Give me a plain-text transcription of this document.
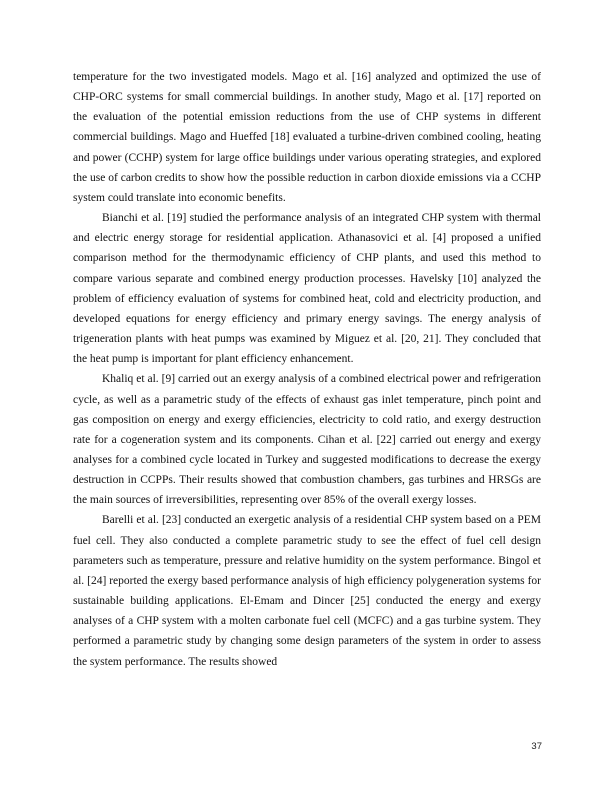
temperature for the two investigated models. Mago et al. [16] analyzed and optimized the use of CHP-ORC systems for small commercial buildings. In another study, Mago et al. [17] reported on the evaluation of the potential emission reductions from the use of CHP systems in different commercial buildings. Mago and Hueffed [18] evaluated a turbine-driven combined cooling, heating and power (CCHP) system for large office buildings under various operating strategies, and explored the use of carbon credits to show how the possible reduction in carbon dioxide emissions via a CCHP system could translate into economic benefits.

Bianchi et al. [19] studied the performance analysis of an integrated CHP system with thermal and electric energy storage for residential application. Athanasovici et al. [4] proposed a unified comparison method for the thermodynamic efficiency of CHP plants, and used this method to compare various separate and combined energy production processes. Havelsky [10] analyzed the problem of efficiency evaluation of systems for combined heat, cold and electricity production, and developed equations for energy efficiency and primary energy savings. The energy analysis of trigeneration plants with heat pumps was examined by Miguez et al. [20, 21]. They concluded that the heat pump is important for plant efficiency enhancement.

Khaliq et al. [9] carried out an exergy analysis of a combined electrical power and refrigeration cycle, as well as a parametric study of the effects of exhaust gas inlet temperature, pinch point and gas composition on energy and exergy efficiencies, electricity to cold ratio, and exergy destruction rate for a cogeneration system and its components. Cihan et al. [22] carried out energy and exergy analyses for a combined cycle located in Turkey and suggested modifications to decrease the exergy destruction in CCPPs. Their results showed that combustion chambers, gas turbines and HRSGs are the main sources of irreversibilities, representing over 85% of the overall exergy losses.

Barelli et al. [23] conducted an exergetic analysis of a residential CHP system based on a PEM fuel cell. They also conducted a complete parametric study to see the effect of fuel cell design parameters such as temperature, pressure and relative humidity on the system performance. Bingol et al. [24] reported the exergy based performance analysis of high efficiency polygeneration systems for sustainable building applications. El-Emam and Dincer [25] conducted the energy and exergy analyses of a CHP system with a molten carbonate fuel cell (MCFC) and a gas turbine system. They performed a parametric study by changing some design parameters of the system in order to assess the system performance. The results showed

37
